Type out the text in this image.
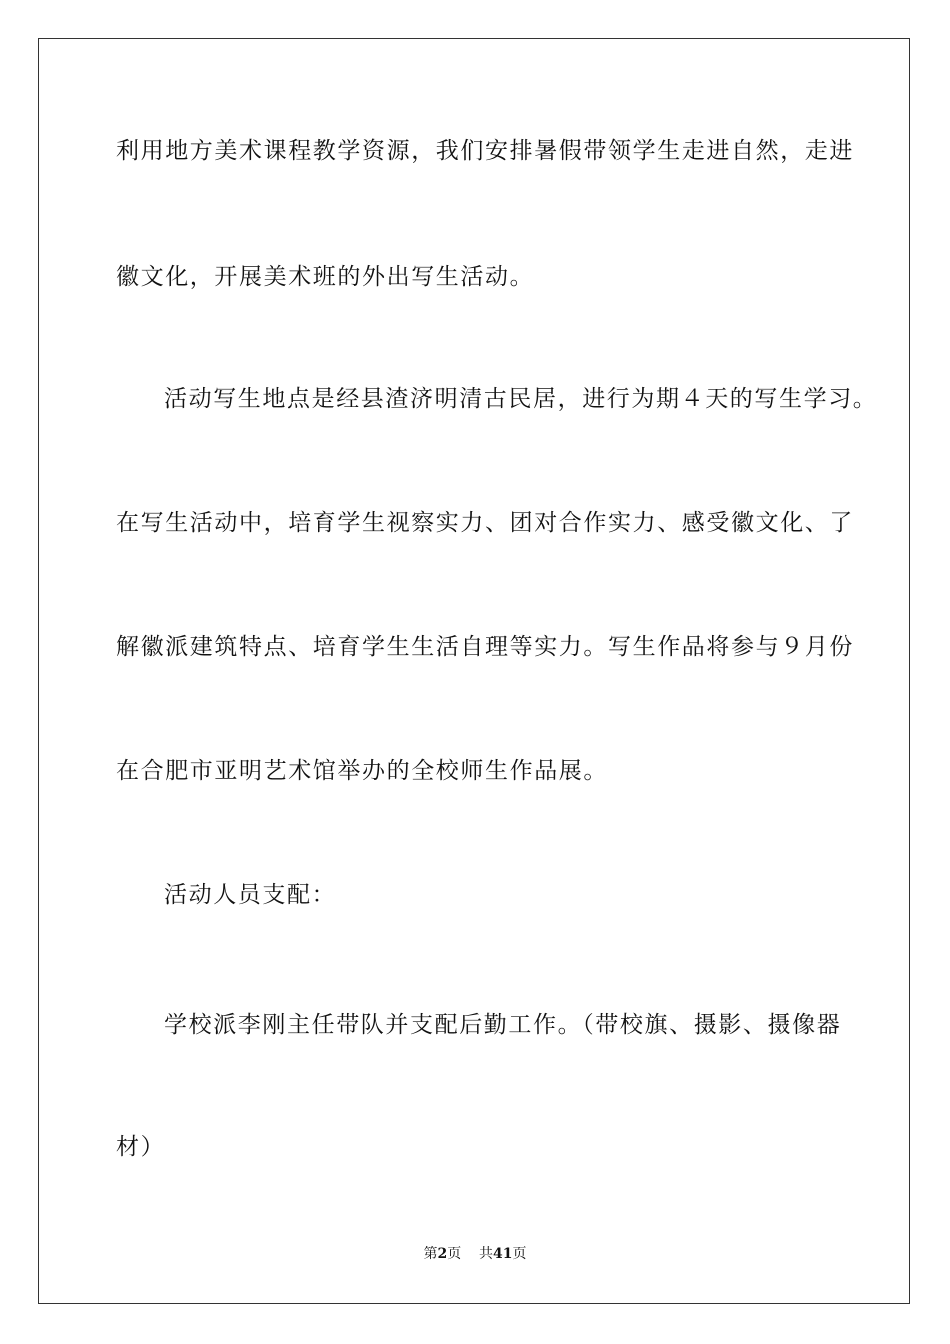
利用地方美术课程教学资源，我们安排暑假带领学生走进自然，走进
徽文化，开展美术班的外出写生活动。
活动写生地点是经县渣济明清古民居，进行为期４天的写生学习。
在写生活动中，培育学生视察实力、团对合作实力、感受徽文化、了
解徽派建筑特点、培育学生生活自理等实力。写生作品将参与９月份
在合肥市亚明艺术馆举办的全校师生作品展。
活动人员支配：
学校派李刚主任带队并支配后勤工作。（带校旗、摄影、摄像器
材）
第2页 共41页
